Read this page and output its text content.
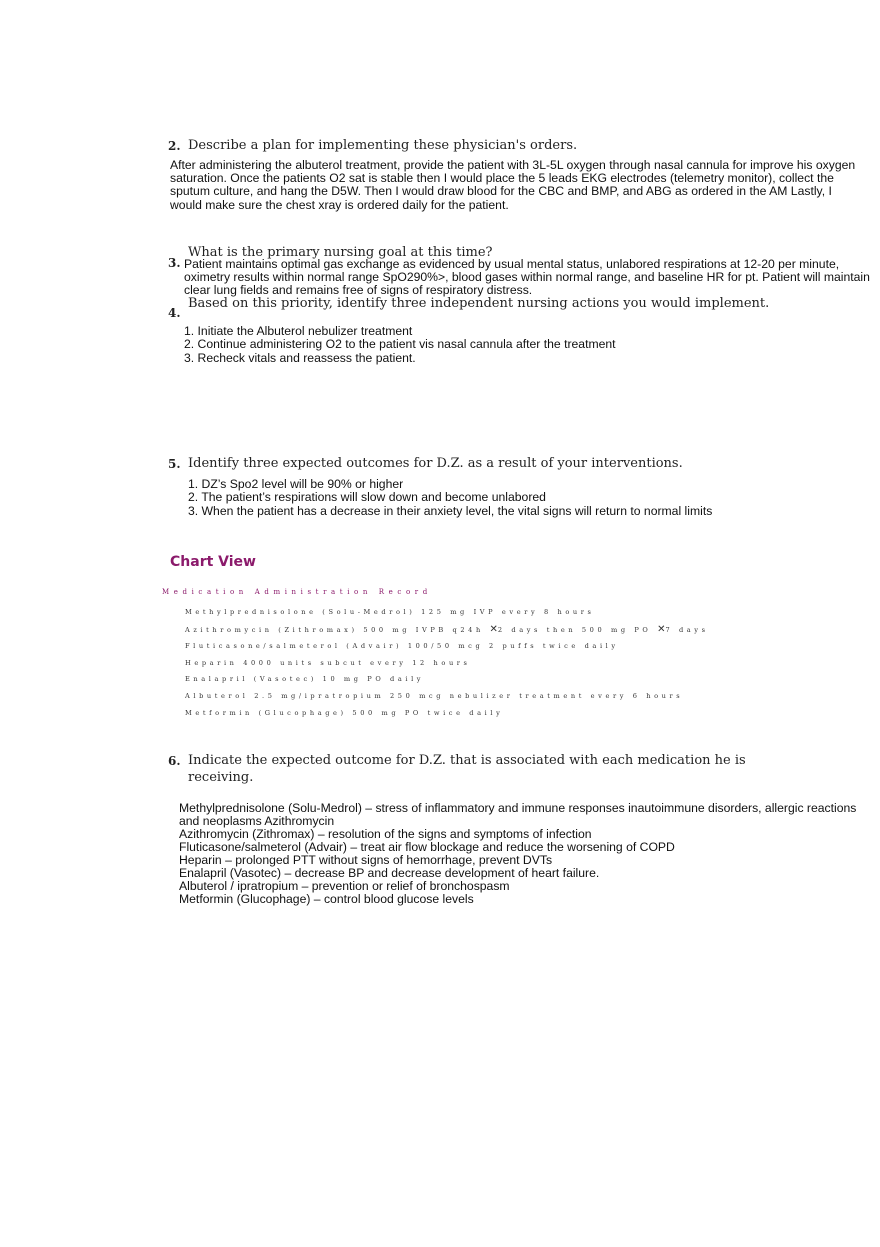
2. Describe a plan for implementing these physician's orders.

After administering the albuterol treatment, provide the patient with 3L-5L oxygen through nasal cannula for improve his oxygen saturation. Once the patients O2 sat is stable then I would place the 5 leads EKG electrodes (telemetry monitor), collect the sputum culture, and hang the D5W. Then I would draw blood for the CBC and BMP, and ABG as ordered in the AM Lastly, I would make sure the chest xray is ordered daily for the patient.

What is the primary nursing goal at this time?
3. Patient maintains optimal gas exchange as evidenced by usual mental status, unlabored respirations at 12-20 per minute, oximetry results within normal range SpO290%>, blood gases within normal range, and baseline HR for pt. Patient will maintain clear lung fields and remains free of signs of respiratory distress.

Based on this priority, identify three independent nursing actions you would implement.
4.
1. Initiate the Albuterol nebulizer treatment
2. Continue administering O2 to the patient vis nasal cannula after the treatment
3. Recheck vitals and reassess the patient.
5. Identify three expected outcomes for D.Z. as a result of your interventions.
1. DZ’s Spo2 level will be 90% or higher
2. The patient’s respirations will slow down and become unlabored
3. When the patient has a decrease in their anxiety level, the vital signs will return to normal limits
Chart View
Medication Administration Record
Methylprednisolone (Solu-Medrol) 125 mg IVP every 8 hours
Azithromycin (Zithromax) 500 mg IVPB q24h ✕2 days then 500 mg PO ✕7 days
Fluticasone/salmeterol (Advair) 100/50 mcg 2 puffs twice daily
Heparin 4000 units subcut every 12 hours
Enalapril (Vasotec) 10 mg PO daily
Albuterol 2.5 mg/ipratropium 250 mcg nebulizer treatment every 6 hours
Metformin (Glucophage) 500 mg PO twice daily
6. Indicate the expected outcome for D.Z. that is associated with each medication he is
receiving.
Methylprednisolone (Solu-Medrol) – stress of inflammatory and immune responses inautoimmune disorders, allergic reactions and neoplasms Azithromycin
Azithromycin (Zithromax) – resolution of the signs and symptoms of infection
Fluticasone/salmeterol (Advair) – treat air flow blockage and reduce the worsening of COPD
Heparin – prolonged PTT without signs of hemorrhage, prevent DVTs
Enalapril (Vasotec) – decrease BP and decrease development of heart failure.
Albuterol / ipratropium – prevention or relief of bronchospasm
Metformin (Glucophage) – control blood glucose levels
